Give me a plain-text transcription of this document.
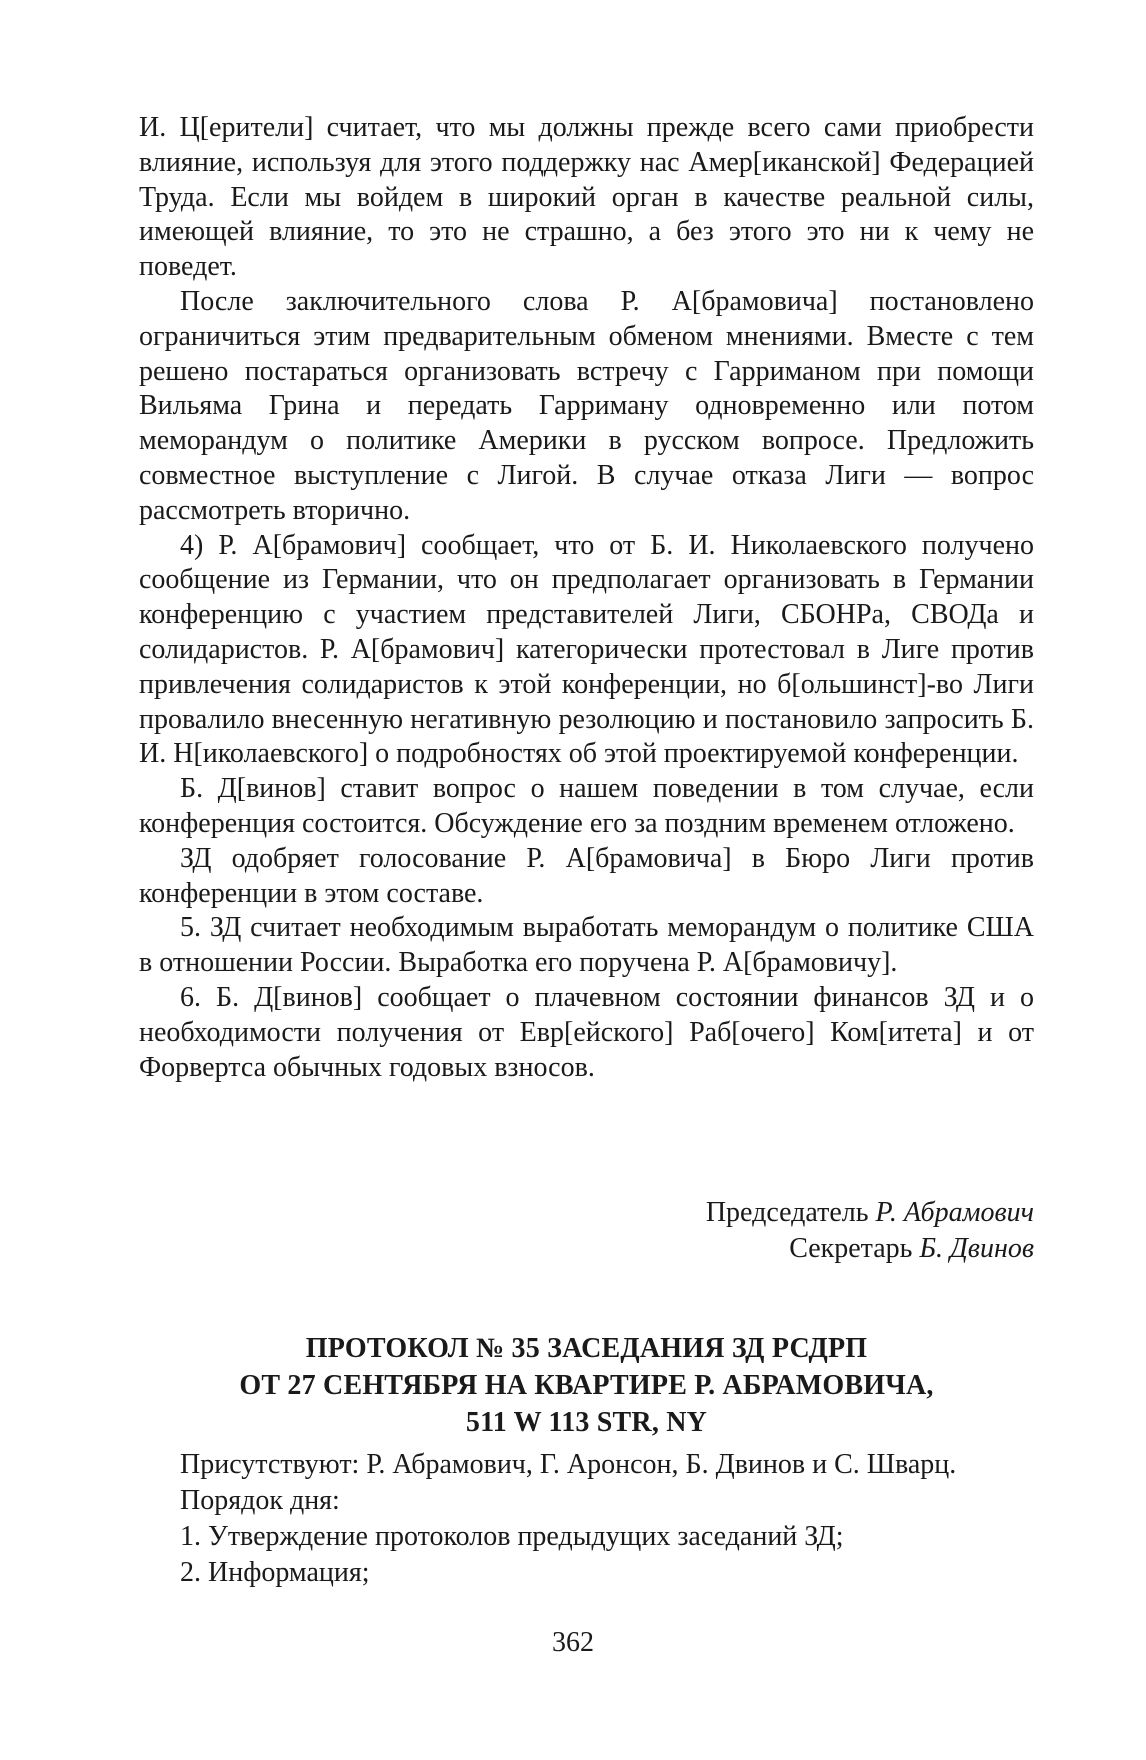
И. Ц[ерители] считает, что мы должны прежде всего сами приобрести влияние, используя для этого поддержку нас Амер[иканской] Федерацией Труда. Если мы войдем в широкий орган в качестве реальной силы, имеющей влияние, то это не страшно, а без этого это ни к чему не поведет.

После заключительного слова Р. А[брамовича] постановлено ограничиться этим предварительным обменом мнениями. Вместе с тем решено постараться организовать встречу с Гарриманом при помощи Вильяма Грина и передать Гарриману одновременно или потом меморандум о политике Америки в русском вопросе. Предложить совместное выступление с Лигой. В случае отказа Лиги — вопрос рассмотреть вторично.

4) Р. А[брамович] сообщает, что от Б. И. Николаевского получено сообщение из Германии, что он предполагает организовать в Германии конференцию с участием представителей Лиги, СБОНРа, СВОДа и солидаристов. Р. А[брамович] категорически протестовал в Лиге против привлечения солидаристов к этой конференции, но б[ольшинст]-во Лиги провалило внесенную негативную резолюцию и постановило запросить Б. И. Н[иколаевского] о подробностях об этой проектируемой конференции.

Б. Д[винов] ставит вопрос о нашем поведении в том случае, если конференция состоится. Обсуждение его за поздним временем отложено.

ЗД одобряет голосование Р. А[брамовича] в Бюро Лиги против конференции в этом составе.

5. ЗД считает необходимым выработать меморандум о политике США в отношении России. Выработка его поручена Р. А[брамовичу].

6. Б. Д[винов] сообщает о плачевном состоянии финансов ЗД и о необходимости получения от Евр[ейского] Раб[очего] Ком[итета] и от Форвертса обычных годовых взносов.

Председатель Р. Абрамович
Секретарь Б. Двинов
ПРОТОКОЛ № 35 ЗАСЕДАНИЯ ЗД РСДРП
ОТ 27 СЕНТЯБРЯ НА КВАРТИРЕ Р. АБРАМОВИЧА,
511 W 113 STR, NY
Присутствуют: Р. Абрамович, Г. Аронсон, Б. Двинов и С. Шварц.
Порядок дня:
1. Утверждение протоколов предыдущих заседаний ЗД;
2. Информация;
362
